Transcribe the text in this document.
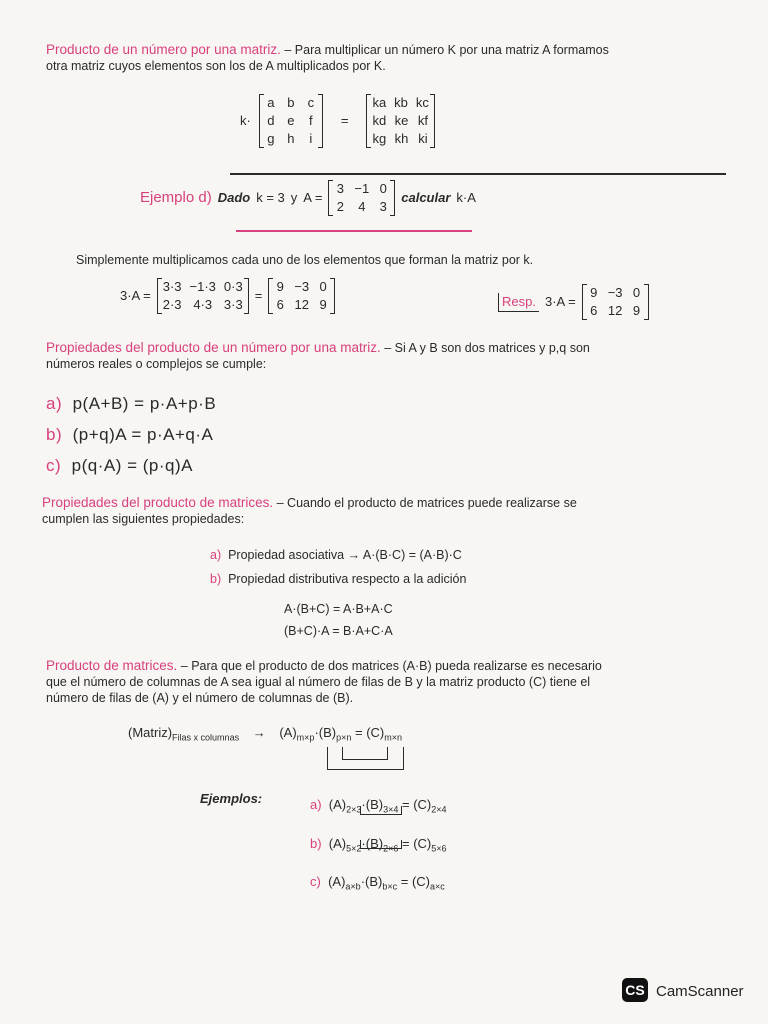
Producto de un número por una matriz. – Para multiplicar un número K por una matriz A formamos
otra matriz cuyos elementos son los de A multiplicados por K.
k·
a b c
d e	f
g h	i
=
ka kb kc
kd ke kf
kg kh ki
Ejemplo d) Dado k = 3 y A =
3 −1 0
2 4 3
calcular k·A
Simplemente multiplicamos cada uno de los elementos que forman la matriz por k.
3·A =
3·3 −1·3 0·3
2·3 4·3 3·3
=
9 −3 0
6 12 9	Resp. 3·A =
9 −3 0
6 12 9
Propiedades del producto de un número por una matriz. – Si A y B son dos matrices y p,q son
números reales o complejos se cumple:
a) p(A+B) = p·A+p·B
b) (p+q)A = p·A+q·A
c) p(q·A) = (p·q)A
Propiedades del producto de matrices. – Cuando el producto de matrices puede realizarse se
cumplen las siguientes propiedades:
a) Propiedad asociativa → A·(B·C) = (A·B)·C
b) Propiedad distributiva respecto a la adición
A·(B+C) = A·B+A·C
(B+C)·A = B·A+C·A
Producto de matrices. – Para que el producto de dos matrices (A·B) pueda realizarse es necesario
que el número de columnas de A sea igual al número de filas de B y la matriz producto (C) tiene el
número de filas de (A) y el número de columnas de (B).
$(Matriz)_{Filas x columnas} \to (A)_{m\times p}\cdot(B)_{p\times n} = (C)_{m\times n}$
Ejemplos:	a) $(A)_{2\times 3}\cdot(B)_{3\times 4} = (C)_{2\times 4}$
b) $(A)_{5\times 2}\cdot(B)_{2\times 6} = (C)_{5\times 6}$
c) $(A)_{a\times b}\cdot(B)_{b\times c} = (C)_{a\times c}$
CS CamScanner
